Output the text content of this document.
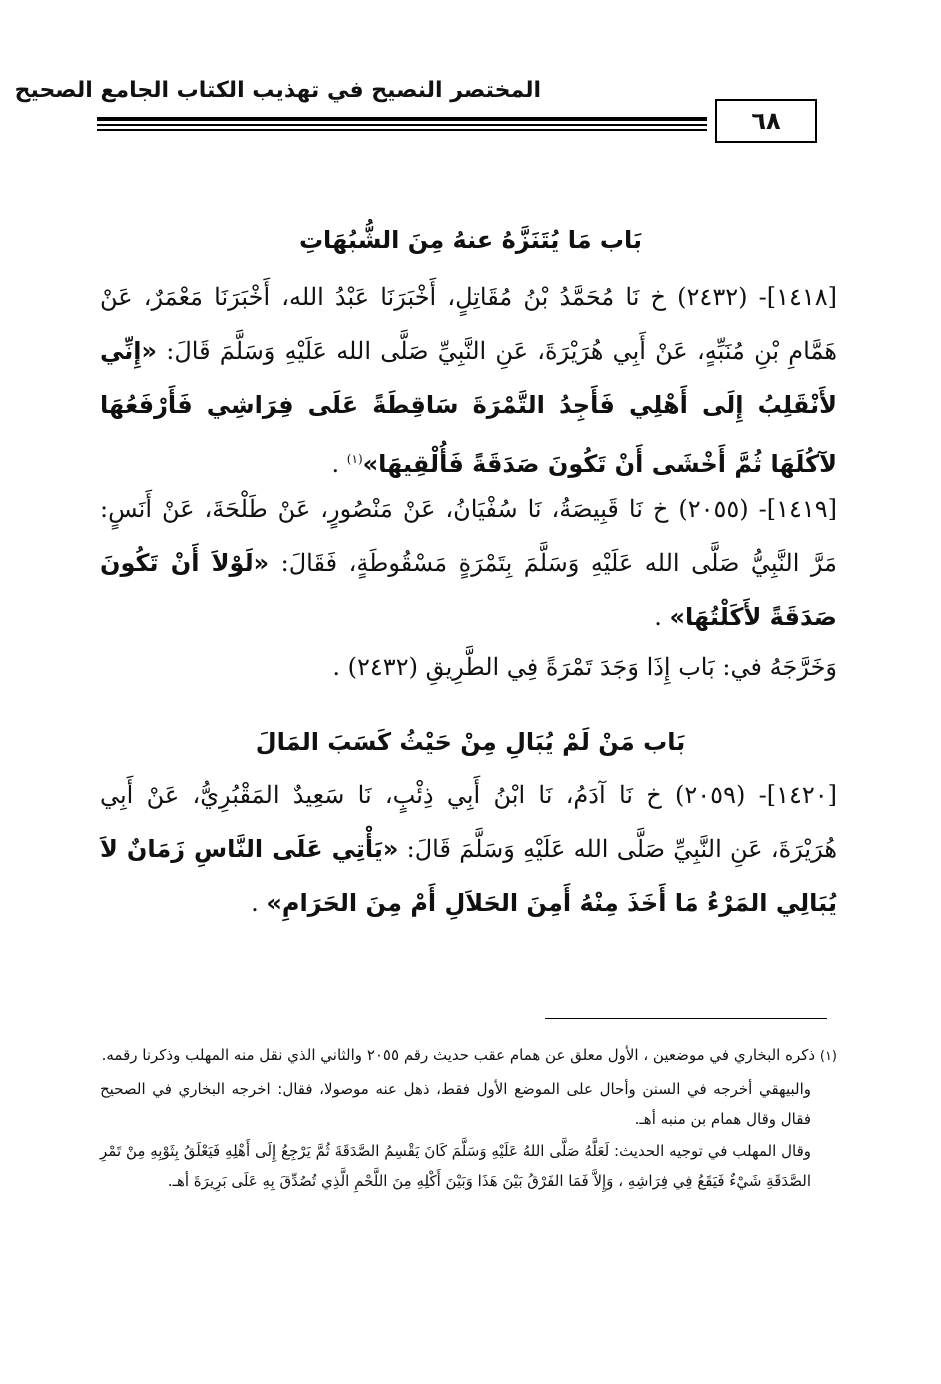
المختصر النصيح في تهذيب الكتاب الجامع الصحيح
٦٨
بَاب مَا يُتَنَزَّهُ عنهُ مِنَ الشُّبُهَاتِ
[١٤١٨]- (٢٤٣٢) خ نَا مُحَمَّدُ بْنُ مُقَاتِلٍ، أَخْبَرَنَا عَبْدُ الله، أَخْبَرَنَا مَعْمَرٌ، عَنْ هَمَّامِ بْنِ مُنَبِّهٍ، عَنْ أَبِي هُرَيْرَةَ، عَنِ النَّبِيِّ صَلَّى الله عَلَيْهِ وَسَلَّمَ قَالَ: «إِنِّي لأَنْقَلِبُ إِلَى أَهْلِي فَأَجِدُ التَّمْرَةَ سَاقِطَةً عَلَى فِرَاشِي فَأَرْفَعُهَا لآكُلَهَا ثُمَّ أَخْشَى أَنْ تَكُونَ صَدَقَةً فَأُلْقِيهَا»$^{(١)}$ .
[١٤١٩]- (٢٠٥٥) خ نَا قَبِيصَةُ، نَا سُفْيَانُ، عَنْ مَنْصُورٍ، عَنْ طَلْحَةَ، عَنْ أَنَسٍ: مَرَّ النَّبِيُّ صَلَّى الله عَلَيْهِ وَسَلَّمَ بِتَمْرَةٍ مَسْقُوطَةٍ، فَقَالَ: «لَوْلاَ أَنْ تَكُونَ صَدَقَةً لأَكَلْتُهَا» .
وَخَرَّجَهُ في: بَاب إِذَا وَجَدَ تَمْرَةً فِي الطَّرِيقِ (٢٤٣٢) .
بَاب مَنْ لَمْ يُبَالِ مِنْ حَيْثُ كَسَبَ المَالَ
[١٤٢٠]- (٢٠٥٩) خ نَا آدَمُ، نَا ابْنُ أَبِي ذِئْبٍ، نَا سَعِيدٌ المَقْبُرِيُّ، عَنْ أَبِي هُرَيْرَةَ، عَنِ النَّبِيِّ صَلَّى الله عَلَيْهِ وَسَلَّمَ قَالَ: «يَأْتِي عَلَى النَّاسِ زَمَانٌ لاَ يُبَالِي المَرْءُ مَا أَخَذَ مِنْهُ أَمِنَ الحَلاَلِ أَمْ مِنَ الحَرَامِ» .
(١) ذكره البخاري في موضعين ، الأول معلق عن همام عقب حديث رقم ٢٠٥٥ والثاني الذي نقل منه المهلب وذكرنا رقمه.
والبيهقي أخرجه في السنن وأحال على الموضع الأول فقط، ذهل عنه موصولا، فقال: اخرجه البخاري في الصحيح فقال وقال همام بن منبه أهـ.
وقال المهلب في توجيه الحديث: لَعَلَّهُ صَلَّى اللهُ عَلَيْهِ وَسَلَّمَ كَانَ يَقْسِمُ الصَّدَقَةَ ثُمَّ يَرْجِعُ إِلَى أَهْلِهِ فَيَعْلَقُ بِثَوْبِهِ مِنْ تَمْرِ الصَّدَقَةِ شَيْءٌ فَيَقَعُ فِي فِرَاشِهِ ، وَإِلاَّ فَمَا الفَرْقُ بَيْنَ هَذَا وَبَيْنَ أَكْلِهِ مِنَ اللَّحْمِ الَّذِي تُصُدِّقَ بِهِ عَلَى بَرِيرَةَ أهـ.
